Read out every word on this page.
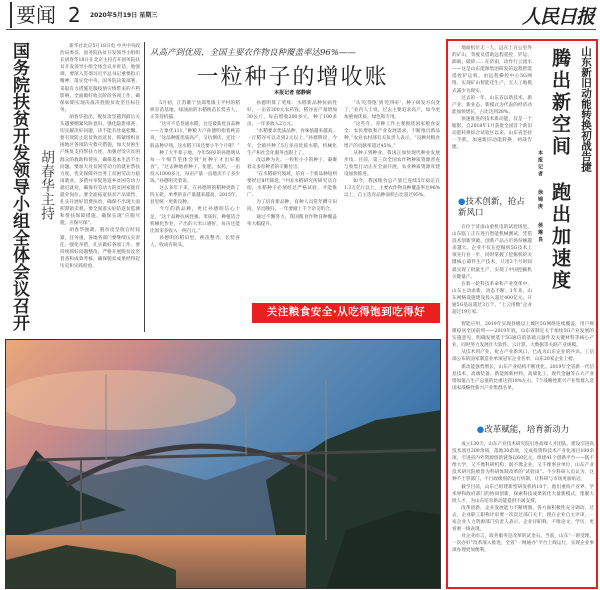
要闻 2 2020年5月19日 星期三	人民日报
国务院扶贫开发领导小组全体会议召开 胡春华主持

新华社北京5月18日电 中共中央政治局委员、国务院扶贫开发领导小组组长胡春华18日在北京主持召开国务院扶贫开发领导小组全体会议并讲话。他强调，要深入贯彻习近平总书记重要指示精神，落实党中央、国务院决策部署，采取有力措施克服疫情灾情带来的不利影响，全面做好收官阶段各项工作，确保如期实现决战决胜脱贫攻坚目标任务。

胡春华指出，脱贫攻坚越到最后关头越要绷紧风险意识，强化隐患排查，切实解决好问题，决不能有丝毫松懈。要有效防止返贫致贫返贫，抓紧组织贫困地区各项防灾救灾措施，加大贫困生产恢复支持帮扶力度，加强对受灾贫困群众的救助和帮扶，确保基本生活不出问题。要加大对贫困劳动力的就业帮扶力度，优先保障外出务工贫困劳动力稳岗就业，多措并举促进返乡贫困劳动力就近就业，确保有劳动力的贫困家庭有就业岗位。要全面拓宽扶贫产品销售，扎实开展好消费扶贫，确保不出现大面积滞销卖难。要全面落实好防返贫监测和帮扶保障措施，确保实现“应脱尽脱，应保尽保”。

胡春华强调，脱贫攻坚收官时间紧、任务重，各地各部门要继续压实责任，强化举措，扎实做好各项工作。要持续抓好问题整改，严格开展脱贫攻坚普查和成效考核，确保脱贫成果经得起历史和实践检验。

从高产到优质，全国主要农作物良种覆盖率达96%——
一粒种子的增收账
本报记者 郁静娴

5月初，江苏睢宁县邱集镇王平村的稻秧育苗基地，绿油油的水稻秧苗长势喜人，正等待机插。

“这可不是普通水稻，这是最新优良品种——万象优111，”种粮大户孙德明指着秧苗说，“这品种既优质高产，又抗倒伏，还比一般品种早熟，这水稻下田还要小半个月呢！”

种了大半辈子地，今年58岁的孙德明从每一个细节里体会到“好种子才出好粮食”。“过去种地看种子、化肥、农药，一亩投入1000多元，每亩产量一亩地卖不了多少钱。”孙德明笑着说。

这么多年下来，在孙德明的稻种更新了四五轮，单季的亩产量越来越高，2015年，县里统一更新良种。

今年的新品种，更让孙德明信心十足。“这个品种抗病性强、米质好，种植适合机械化作业，产出的大米口感好，每亩还能比原来多收入一两百元。”

孙德明的稻田里，秧苗整齐，长势喜人，收成有盼头。

孙德明算了笔账：水稻新品种抗病性好，一亩省300元农药钱，稻谷亩产量增加30公斤，每亩增收200多元，种了100多亩，一年多收入2万元。

“水稻要求优质品种，食味值越来越高，一斤稻谷可以卖到2元以上，”孙德明说，今年，全镇共种了5万多亩优质水稻，机械化生产和社会化服务也跟上了。

改以种为先。一粒粒小小的种子，凝聚着众多育种者的辛勤付出。

“在水稻研究领域，培育一个新品种短则要经过8代筛选，”中国水稻研究所研究员介绍，水稻种子必须经过严格试验，才能推广。

为了培育新品种，育种人员常年蹲守田间，早出晚归，一年要做上千个杂交组合。

通过不懈努力，我国粮食作物良种覆盖率大幅提升。

“从‘吃得饱’到‘吃得好’，种子研发方向变了，”业内人士说，过去主要追求高产，如今更加重视优质、绿色和专用。

“这些年，育种工作主要围绕国家粮食安全、农民增收和产业发展需求，不断推出新品种，”农业农村部有关负责人表示，“良种对粮食增产的贡献率超过45%。”

从种子到种业，我国正加快现代种业发展步伐。目前，第三次全国农作物种质资源普查与收集行动正在全面开展，农业种质资源库建设加快推进。

如今，我国粮食总产量已连续5年稳定在1.3万亿斤以上，主要农作物良种覆盖率达96%以上，自主选育品种面积占比超过95%。

关注粮食安全·从吃得饱到吃得好
山东新旧动能转换初战告捷
腾出新空间 跑出加速度
本报记者 徐锦庚 侯琳良

地面机位无一人，远在上百公里外的矿山，驾驶员借助远程遥控，铲运、卸载、破碎……在济南，动作行云流水——这是山东能源集团研发的远程智能遥控铲运机，由远程操控中心5G网络，实现矿山智能化生产，无人工地模式减少为现实。

过去的一年，山东省以新技术、新产业、新业态、新模式为代表的经济动能加快增长，占比达到28%。

快速推进的技术新动能，仅是一个缩影。自2018年1月获批全国首个新旧动能转换综合试验区以来，山东省坚持一手抓，加速新旧动能转换，初战告捷。

●技术创新，抢占新风口

在位于济南山重机电的试验场里，山东临工正在进行智能机械测试，凭借技术创新突破，创新产品占市场份额越来越大。企业不仅在挖掘机5G技术上领先行业一步，同时掌握了挖掘机的关键核心部件生产技术，只用3个月时间就实现了批量生产，实现了中国挖掘机关键量产。

在新一轮科技革命和产业变革中，山东主动求新、动态不断。1年来，山东网格设施建设投入超过400亿元，开通5G基站超过3万个。“上云用数”企业超过19万家。

智能应用，2019年实现县级以上城区5G网络连续覆盖，用户规模稳居全国前列——2019年底，山东省制定关于加快5G产业发展的实施意见，明确发展基于5G通信的基础元器件及关键材料等核心产业，同时努力发展壮大软件、云计算、大数据等关联产业规模。

从技术到产业，抢占产业新风口，已成为山东企业的共识。工信部公布的国家制造业单项冠军企业名单，山东20家企业上榜。

新动能强势增长，山东产业结构不断优化。2019年全省新一代信息技术、高端装备、新能源新材料、高端化工、现代金融等五大产业增加值占生产总值的比重达到18%左右，7个战略性新兴产业集群入选国家战略性新兴产业集群名单。

●改革赋能，培育新动力

成立130天，山东产业技术研究院引进高端人才团队，建设引进高技术项目200余项，落地30余项，完成投资和技术产业化项目100余项，引进省内外资源创新链条以60亿元，组建41个创新平台——既不像大学，又不像科研机构；既不像企业，又不像事业单位，山东产业技术研究院被誉为科研体制改革的“试验田”。不少科研人员认为，这种不土管部门、不行政级别的运行机制，让科研与市场更加贴近。

截至目前，山东已组建新型研发机构10个。他们重构产业界、学术界和政府部门的协同创新，探索科技成果转化大量新模式，集聚大批人才，为山东培育新动能提供不竭支撑。

改革创新，企业发展能力不断增强，各方面积极性充分调动。过去，企业职工职称评审要一次次过部门关卡，现在企业自主评审，一家企业人力资源部门负责人表示，企业评职称，不唯论文、学历，更看重一线表现。

对企业而言，政务服务是改革的试金石。当前，山东“一窗受理、一次办好”改革深入推进，全省“一网通办”平台上线运行，实现企业事项办理更加便利。
